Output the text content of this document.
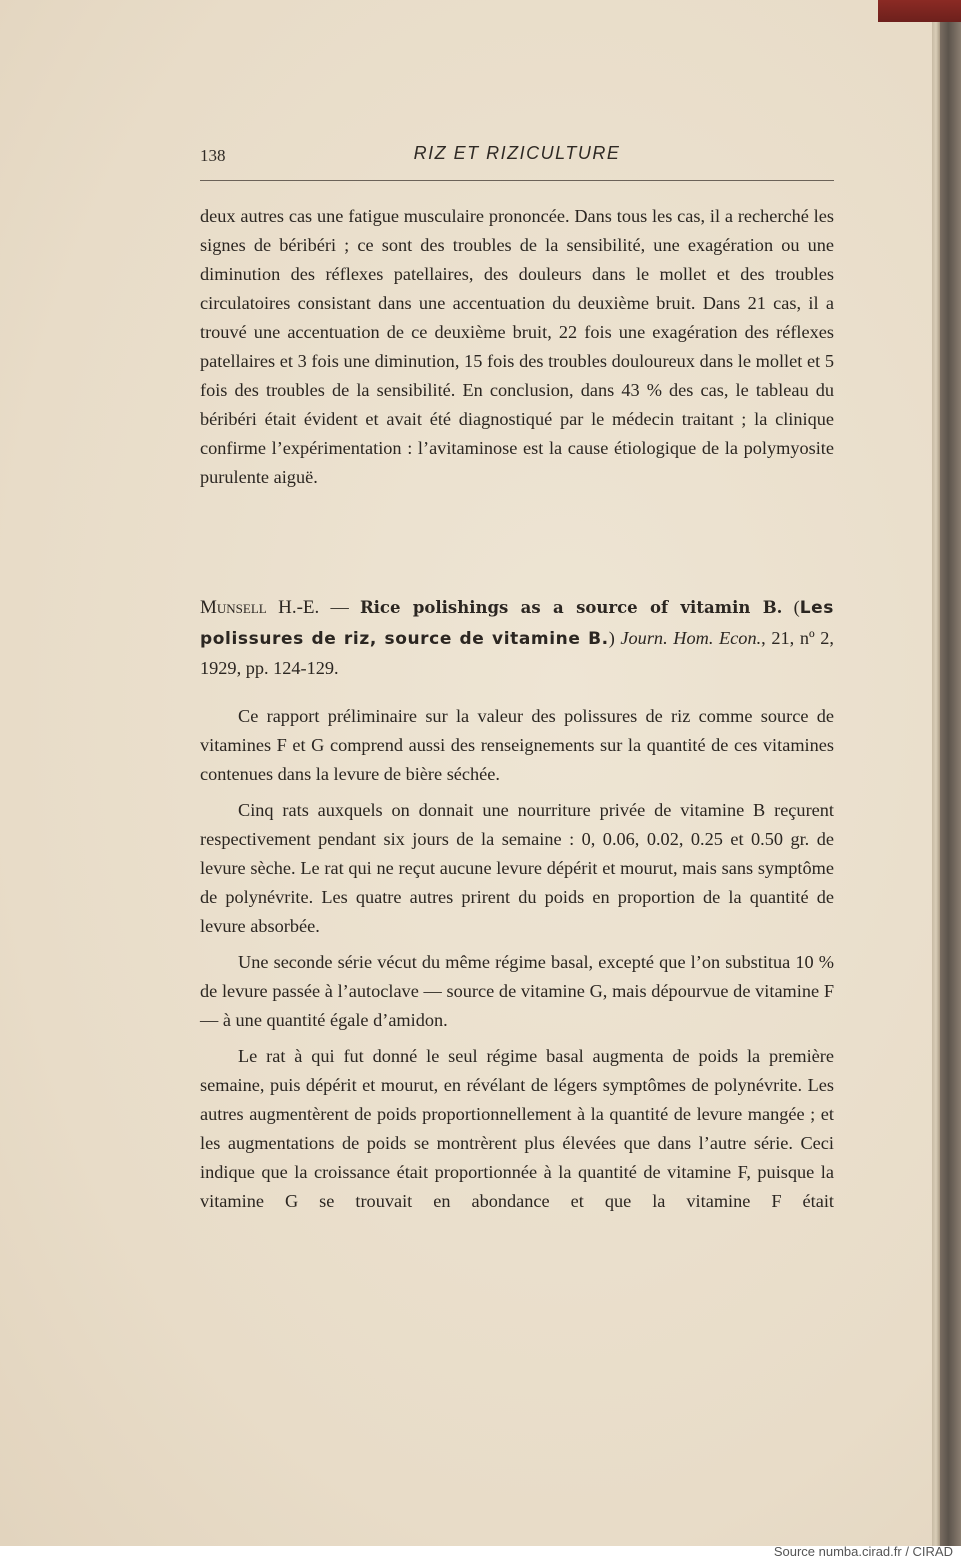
138	RIZ ET RIZICULTURE

deux autres cas une fatigue musculaire prononcée. Dans tous les cas, il a recherché les signes de béribéri ; ce sont des troubles de la sensibilité, une exagération ou une diminution des réflexes patellaires, des douleurs dans le mollet et des troubles circulatoires consistant dans une accentuation du deuxième bruit. Dans 21 cas, il a trouvé une accentuation de ce deuxième bruit, 22 fois une exagération des réflexes patellaires et 3 fois une diminution, 15 fois des troubles douloureux dans le mollet et 5 fois des troubles de la sensibilité. En conclusion, dans 43 % des cas, le tableau du béribéri était évident et avait été diagnostiqué par le médecin traitant ; la clinique confirme l’expérimentation : l’avitaminose est la cause étiologique de la polymyosite purulente aiguë.

Munsell H.-E. — Rice polishings as a source of vitamin B. (Les polissures de riz, source de vitamine B.) Journ. Hom. Econ., 21, nº 2, 1929, pp. 124-129.

Ce rapport préliminaire sur la valeur des polissures de riz comme source de vitamines F et G comprend aussi des renseignements sur la quantité de ces vitamines contenues dans la levure de bière séchée.

Cinq rats auxquels on donnait une nourriture privée de vitamine B reçurent respectivement pendant six jours de la semaine : 0, 0.06, 0.02, 0.25 et 0.50 gr. de levure sèche. Le rat qui ne reçut aucune levure dépérit et mourut, mais sans symptôme de polynévrite. Les quatre autres prirent du poids en proportion de la quantité de levure absorbée.

Une seconde série vécut du même régime basal, excepté que l’on substitua 10 % de levure passée à l’autoclave — source de vitamine G, mais dépourvue de vitamine F — à une quantité égale d’amidon.

Le rat à qui fut donné le seul régime basal augmenta de poids la première semaine, puis dépérit et mourut, en révélant de légers symptômes de polynévrite. Les autres augmentèrent de poids proportionnellement à la quantité de levure mangée ; et les augmentations de poids se montrèrent plus élevées que dans l’autre série. Ceci indique que la croissance était proportionnée à la quantité de vitamine F, puisque la vitamine G se trouvait en abondance et que la vitamine F était

Source numba.cirad.fr / CIRAD
